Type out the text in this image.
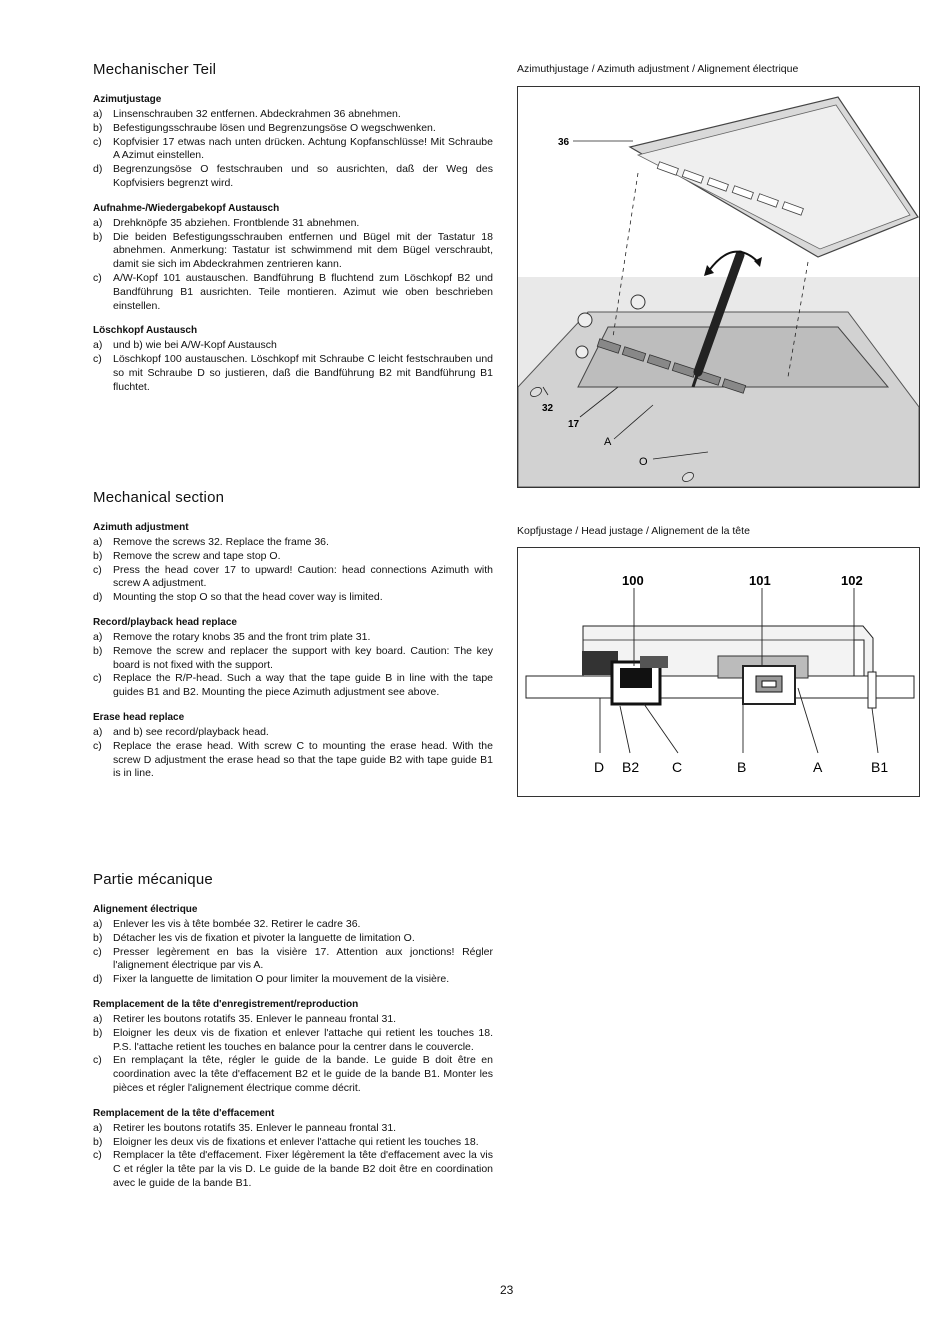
Mechanischer Teil
Azimutjustage
a) Linsenschrauben 32 entfernen. Abdeckrahmen 36 abnehmen.
b) Befestigungsschraube lösen und Begrenzungsöse O wegschwenken.
c) Kopfvisier 17 etwas nach unten drücken. Achtung Kopfanschlüsse! Mit Schraube A Azimut einstellen.
d) Begrenzungsöse O festschrauben und so ausrichten, daß der Weg des Kopfvisiers begrenzt wird.
Aufnahme-/Wiedergabekopf Austausch
a) Drehknöpfe 35 abziehen. Frontblende 31 abnehmen.
b) Die beiden Befestigungsschrauben entfernen und Bügel mit der Tastatur 18 abnehmen. Anmerkung: Tastatur ist schwimmend mit dem Bügel verschraubt, damit sie sich im Abdeckrahmen zentrieren kann.
c) A/W-Kopf 101 austauschen. Bandführung B fluchtend zum Löschkopf B2 und Bandführung B1 ausrichten. Teile montieren. Azimut wie oben beschrieben einstellen.
Löschkopf Austausch
a) und b) wie bei A/W-Kopf Austausch
c) Löschkopf 100 austauschen. Löschkopf mit Schraube C leicht festschrauben und so mit Schraube D so justieren, daß die Bandführung B2 mit Bandführung B1 fluchtet.
Mechanical section
Azimuth adjustment
a) Remove the screws 32. Replace the frame 36.
b) Remove the screw and tape stop O.
c) Press the head cover 17 to upward! Caution: head connections Azimuth with screw A adjustment.
d) Mounting the stop O so that the head cover way is limited.
Record/playback head replace
a) Remove the rotary knobs 35 and the front trim plate 31.
b) Remove the screw and replacer the support with key board. Caution: The key board is not fixed with the support.
c) Replace the R/P-head. Such a way that the tape guide B in line with the tape guides B1 and B2. Mounting the piece Azimuth adjustment see above.
Erase head replace
a) and b) see record/playback head.
c) Replace the erase head. With screw C to mounting the erase head. With the screw D adjustment the erase head so that the tape guide B2 with tape guide B1 is in line.
Partie mécanique
Alignement électrique
a) Enlever les vis à tête bombée 32. Retirer le cadre 36.
b) Détacher les vis de fixation et pivoter la languette de limitation O.
c) Presser legèrement en bas la visière 17. Attention aux jonctions! Régler l'alignement électrique par vis A.
d) Fixer la languette de limitation O pour limiter la mouvement de la visière.
Remplacement de la tête d'enregistrement/reproduction
a) Retirer les boutons rotatifs 35. Enlever le panneau frontal 31.
b) Eloigner les deux vis de fixation et enlever l'attache qui retient les touches 18. P.S. l'attache retient les touches en balance pour la centrer dans le couvercle.
c) En remplaçant la tête, régler le guide de la bande. Le guide B doit être en coordination avec la tête d'effacement B2 et le guide de la bande B1. Monter les pièces et régler l'alignement électrique comme décrit.
Remplacement de la tête d'effacement
a) Retirer les boutons rotatifs 35. Enlever le panneau frontal 31.
b) Eloigner les deux vis de fixations et enlever l'attache qui retient les touches 18.
c) Remplacer la tête d'effacement. Fixer légèrement la tête d'effacement avec la vis C et régler la tête par la vis D. Le guide de la bande B2 doit être en coordination avec le guide de la bande B1.
Azimuthjustage / Azimuth adjustment / Alignement électrique
36
32
17
A
O
Kopfjustage / Head justage / Alignement de la tête
100	101	102
D B2 C	B	A	B1
23
